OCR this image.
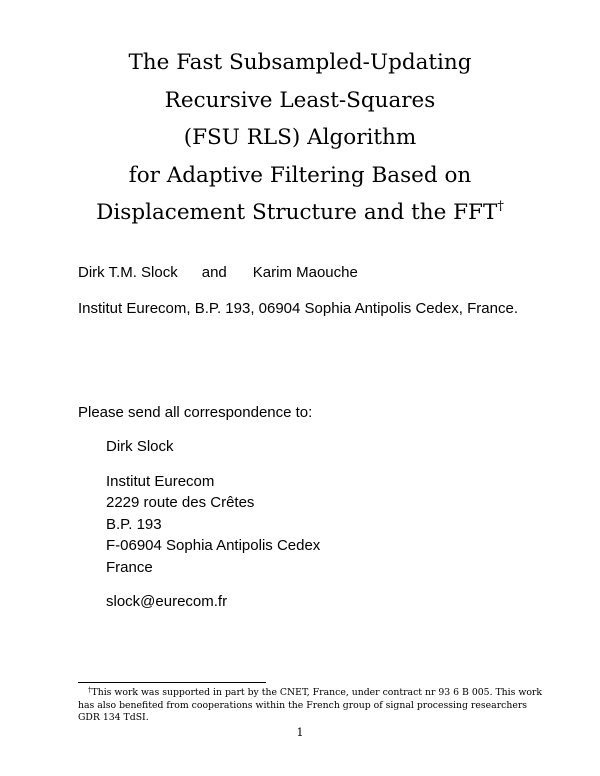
The Fast Subsampled-Updating
Recursive Least-Squares
(FSU RLS) Algorithm
for Adaptive Filtering Based on
Displacement Structure and the FFT†
Dirk T.M. Slock and Karim Maouche
Institut Eurecom, B.P. 193, 06904 Sophia Antipolis Cedex, France.
Please send all correspondence to:
Dirk Slock
Institut Eurecom
2229 route des Crêtes
B.P. 193
F-06904 Sophia Antipolis Cedex
France
slock@eurecom.fr
†This work was supported in part by the CNET, France, under contract nr 93 6 B 005. This work has also benefited from cooperations within the French group of signal processing researchers GDR 134 TdSI.
1
